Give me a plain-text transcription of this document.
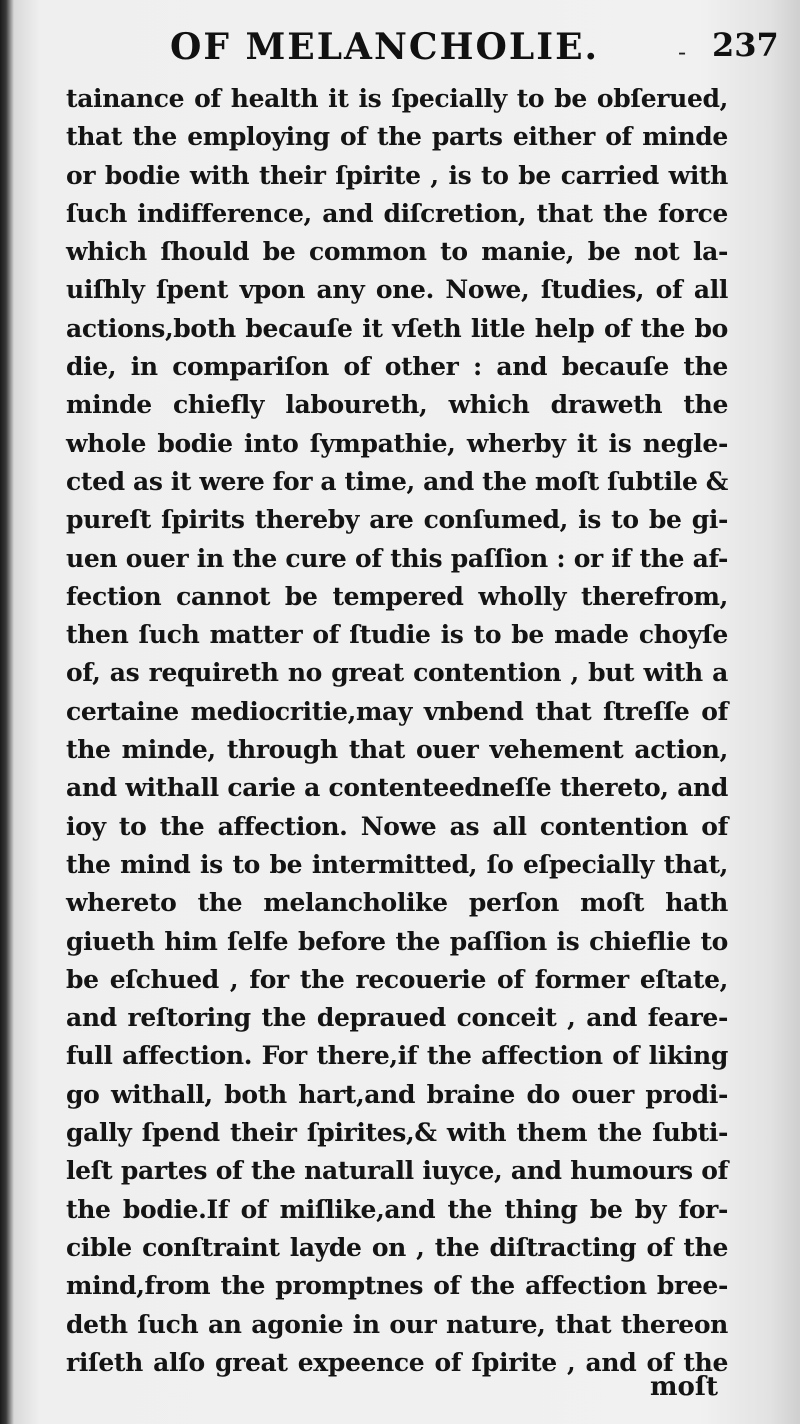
OF MELANCHOLIE.	- 237
tainance of health it is ſpecially to be obſerued,
that the employing of the parts either of minde
or bodie with their ſpirite , is to be carried with
ſuch indifference, and diſcretion, that the force
which ſhould be common to manie, be not la-
uiſhly ſpent vpon any one. Nowe, ſtudies, of all
actions,both becauſe it vſeth litle help of the bo
die, in compariſon of other : and becauſe the
minde chiefly laboureth, which draweth the
whole bodie into ſympathie, wherby it is negle-
cted as it were for a time, and the moſt ſubtile &
pureſt ſpirits thereby are conſumed, is to be gi-
uen ouer in the cure of this paſſion : or if the af-
fection cannot be tempered wholly therefrom,
then ſuch matter of ſtudie is to be made choyſe
of, as requireth no great contention , but with a
certaine mediocritie,may vnbend that ſtreſſe of
the minde, through that ouer vehement action,
and withall carie a contenteedneſſe thereto, and
ioy to the affection. Nowe as all contention of
the mind is to be intermitted, ſo eſpecially that,
whereto the melancholike perſon moſt hath
giueth him ſelfe before the paſſion is chieflie to
be eſchued , for the recouerie of former eſtate,
and reſtoring the depraued conceit , and feare-
full affection. For there,if the affection of liking
go withall, both hart,and braine do ouer prodi-
gally ſpend their ſpirites,& with them the ſubti-
leſt partes of the naturall iuyce, and humours of
the bodie.If of miſlike,and the thing be by for-
cible conſtraint layde on , the diſtracting of the
mind,from the promptnes of the affection bree-
deth ſuch an agonie in our nature, that thereon
riſeth alſo great expeence of ſpirite , and of the
moſt
